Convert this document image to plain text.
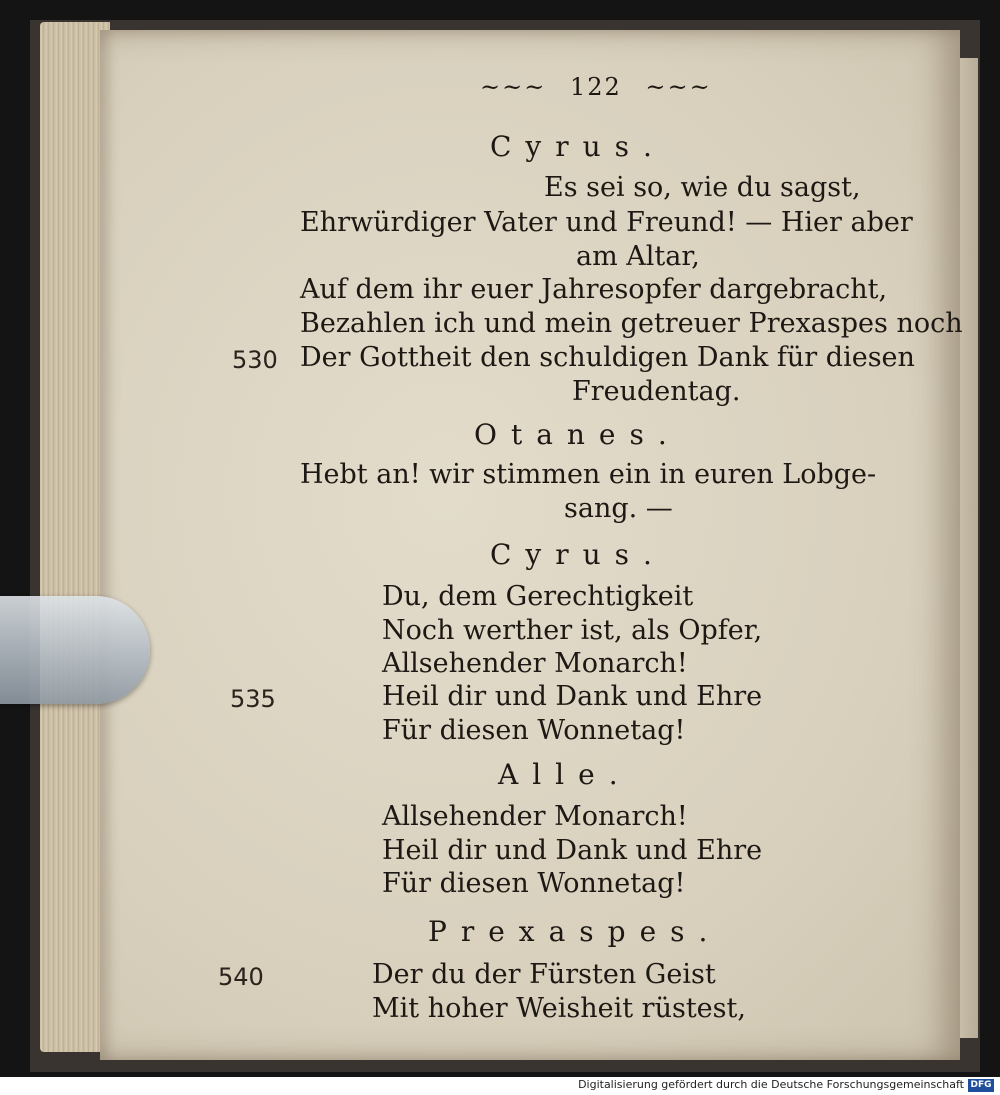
~~~ 122 ~~~
Cyrus.
Es sei so, wie du sagst,
Ehrwürdiger Vater und Freund! — Hier aber
am Altar,
Auf dem ihr euer Jahresopfer dargebracht,
Bezahlen ich und mein getreuer Prexaspes noch
Der Gottheit den schuldigen Dank für diesen
Freudentag.
Otanes.
Hebt an! wir stimmen ein in euren Lobge-
sang. —
Cyrus.
Du, dem Gerechtigkeit
Noch werther ist, als Opfer,
Allsehender Monarch!
Heil dir und Dank und Ehre
Für diesen Wonnetag!
Alle.
Allsehender Monarch!
Heil dir und Dank und Ehre
Für diesen Wonnetag!
Prexaspes.
Der du der Fürsten Geist
Mit hoher Weisheit rüstest,
530
535
540
Digitalisierung gefördert durch die Deutsche Forschungsgemeinschaft DFG
